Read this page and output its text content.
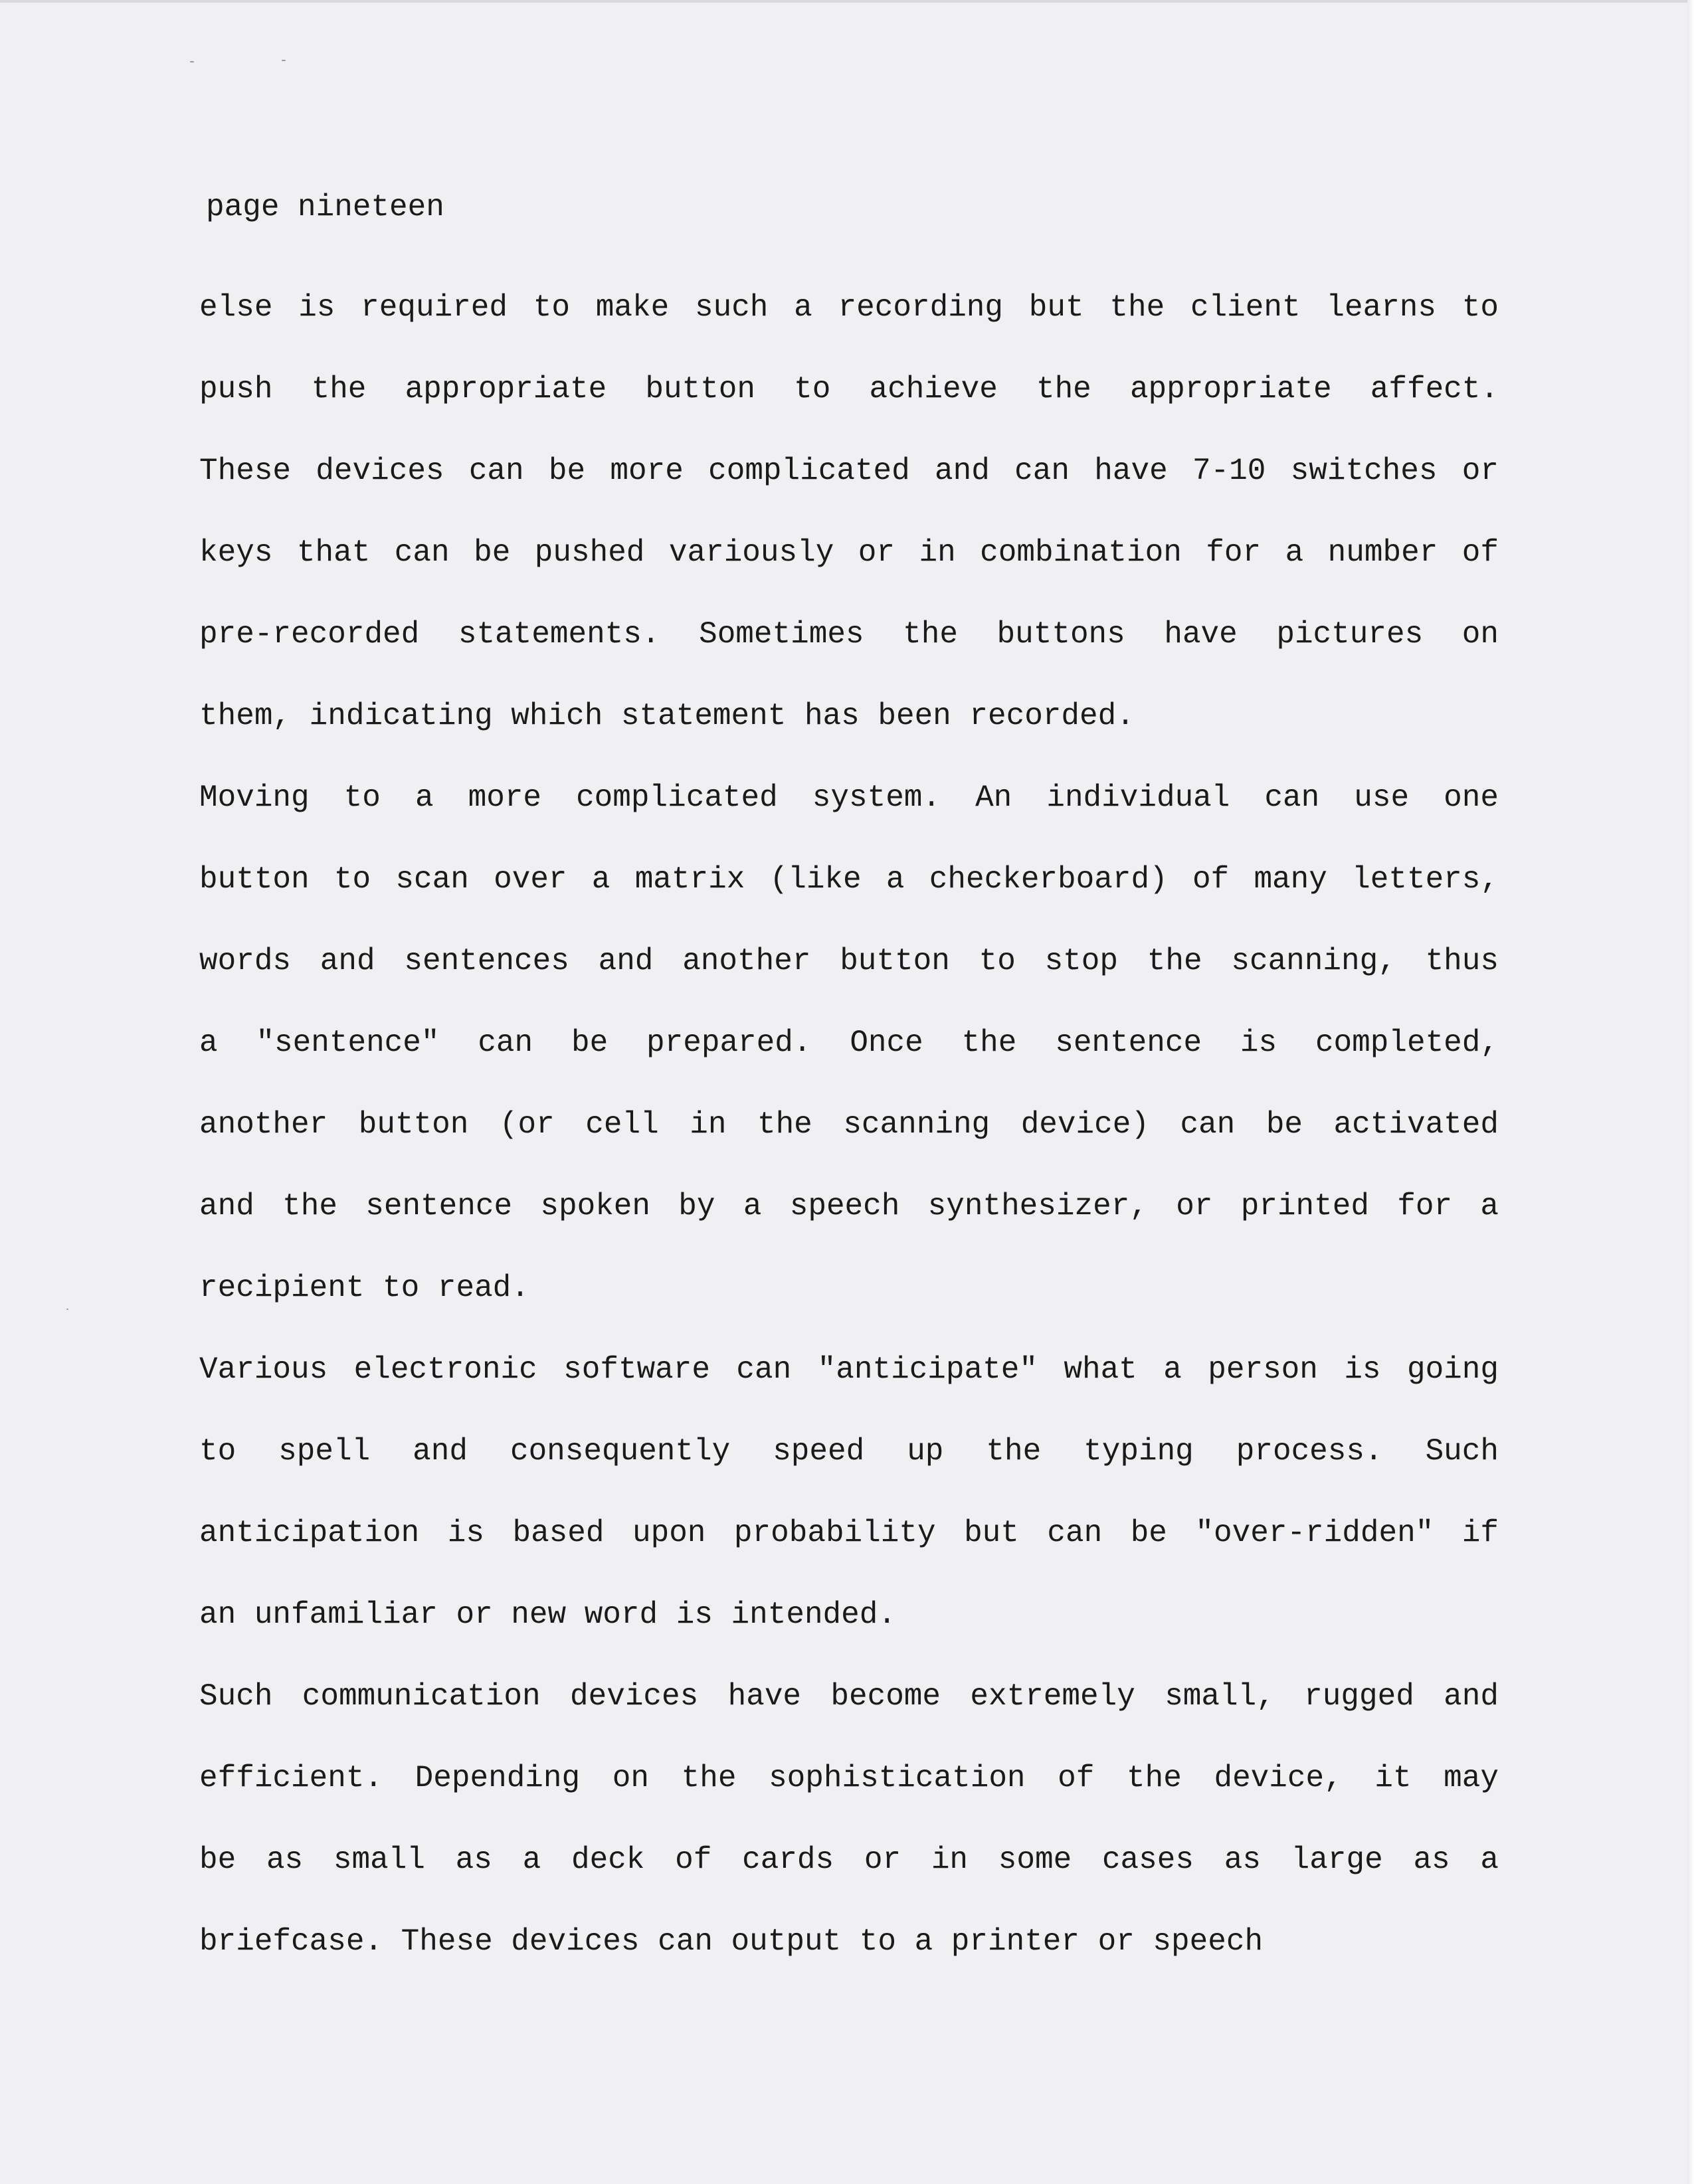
page nineteen
else is required to make such a recording but the client learns to
push the appropriate button to achieve the appropriate affect.
These devices can be more complicated and can have 7-10 switches or
keys that can be pushed variously or in combination for a number of
pre-recorded statements. Sometimes the buttons have pictures on
them, indicating which statement has been recorded.
Moving to a more complicated system. An individual can use one
button to scan over a matrix (like a checkerboard) of many letters,
words and sentences and another button to stop the scanning, thus
a "sentence" can be prepared. Once the sentence is completed,
another button (or cell in the scanning device) can be activated
and the sentence spoken by a speech synthesizer, or printed for a
recipient to read.
Various electronic software can "anticipate" what a person is going
to spell and consequently speed up the typing process. Such
anticipation is based upon probability but can be "over-ridden" if
an unfamiliar or new word is intended.
Such communication devices have become extremely small, rugged and
efficient. Depending on the sophistication of the device, it may
be as small as a deck of cards or in some cases as large as a
briefcase. These devices can output to a printer or speech
